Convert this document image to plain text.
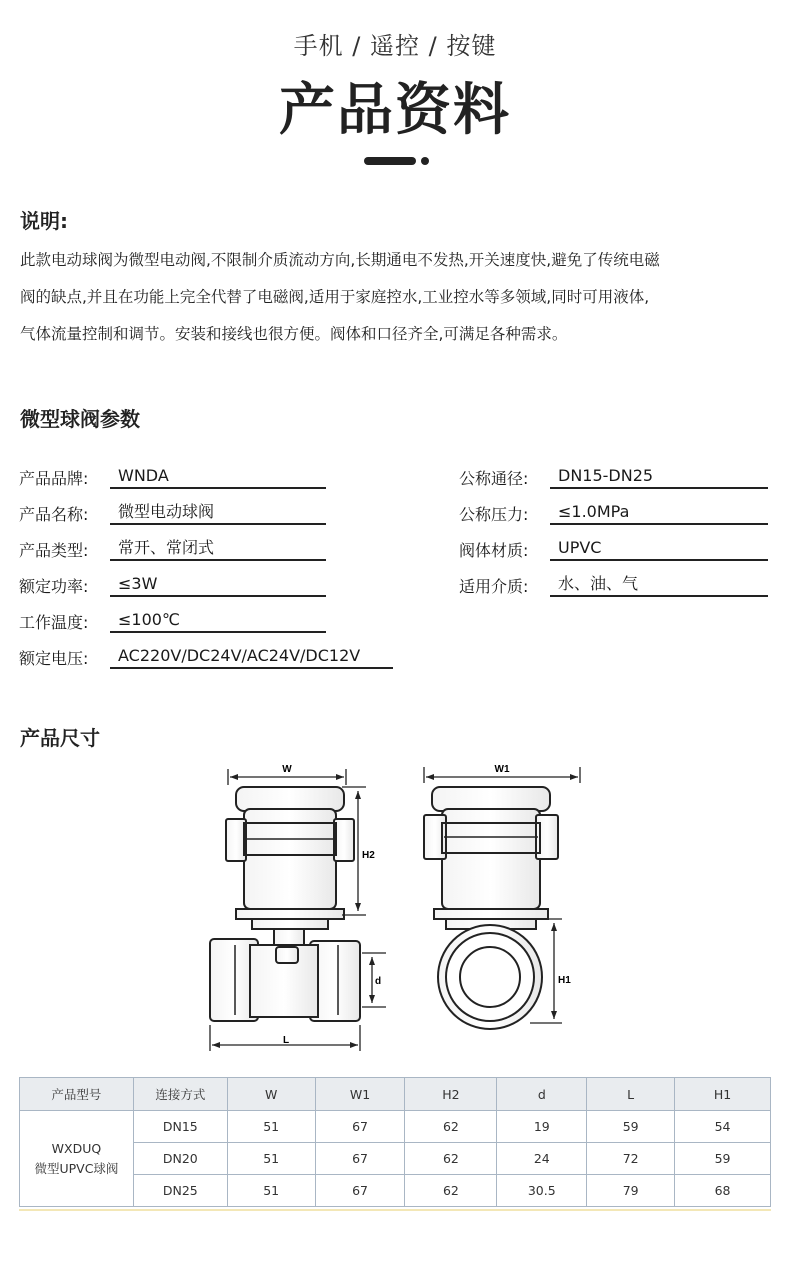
手机 / 遥控 / 按键
产品资料
说明:
此款电动球阀为微型电动阀,不限制介质流动方向,长期通电不发热,开关速度快,避免了传统电磁
阀的缺点,并且在功能上完全代替了电磁阀,适用于家庭控水,工业控水等多领域,同时可用液体,
气体流量控制和调节。安装和接线也很方便。阀体和口径齐全,可满足各种需求。
微型球阀参数
产品品牌:	WNDA
产品名称:	微型电动球阀
产品类型:	常开、常闭式
额定功率:	≤3W
工作温度:	≤100℃
额定电压:	AC220V/DC24V/AC24V/DC12V
公称通径:	DN15-DN25
公称压力:	≤1.0MPa
阀体材质:	UPVC
适用介质:	水、油、气
产品尺寸
W
H2
d
L
W1
H1
产品型号	连接方式	W	W1	H2	d	L	H1

WXDUQ
微型UPVC球阀	DN15	51	67	62	19	59	54
	DN20	51	67	62	24	72	59
	DN25	51	67	62	30.5	79	68
